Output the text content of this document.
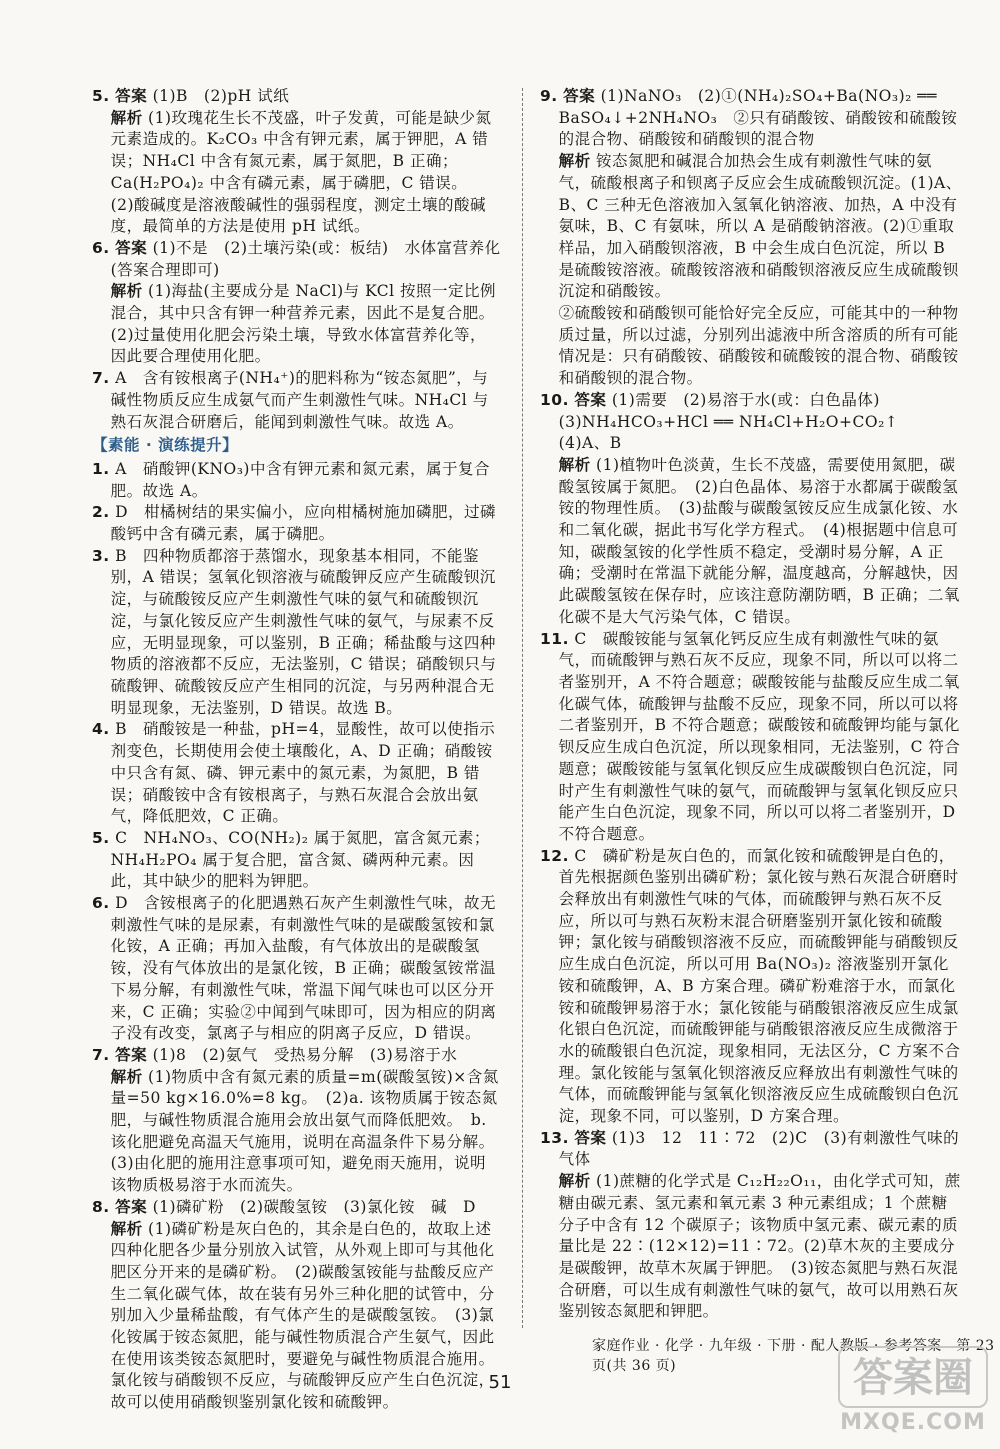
5. 答案 (1)B　(2)pH 试纸
解析 (1)玫瑰花生长不茂盛，叶子发黄，可能是缺少氮元素造成的。K₂CO₃ 中含有钾元素，属于钾肥，A 错误；NH₄Cl 中含有氮元素，属于氮肥，B 正确；Ca(H₂PO₄)₂ 中含有磷元素，属于磷肥，C 错误。
(2)酸碱度是溶液酸碱性的强弱程度，测定土壤的酸碱度，最简单的方法是使用 pH 试纸。
6. 答案 (1)不是　(2)土壤污染(或：板结)　水体富营养化(答案合理即可)
解析 (1)海盐(主要成分是 NaCl)与 KCl 按照一定比例混合，其中只含有钾一种营养元素，因此不是复合肥。　(2)过量使用化肥会污染土壤，导致水体富营养化等，因此要合理使用化肥。
7. A　含有铵根离子(NH₄⁺)的肥料称为“铵态氮肥”，与碱性物质反应生成氨气而产生刺激性气味。NH₄Cl 与熟石灰混合研磨后，能闻到刺激性气味。故选 A。
【素能 · 演练提升】
1. A　硝酸钾(KNO₃)中含有钾元素和氮元素，属于复合肥。故选 A。
2. D　柑橘树结的果实偏小，应向柑橘树施加磷肥，过磷酸钙中含有磷元素，属于磷肥。
3. B　四种物质都溶于蒸馏水，现象基本相同，不能鉴别，A 错误；氢氧化钡溶液与硫酸钾反应产生硫酸钡沉淀，与硫酸铵反应产生刺激性气味的氨气和硫酸钡沉淀，与氯化铵反应产生刺激性气味的氨气，与尿素不反应，无明显现象，可以鉴别，B 正确；稀盐酸与这四种物质的溶液都不反应，无法鉴别，C 错误；硝酸钡只与硫酸钾、硫酸铵反应产生相同的沉淀，与另两种混合无明显现象，无法鉴别，D 错误。故选 B。
4. B　硝酸铵是一种盐，pH=4，显酸性，故可以使指示剂变色，长期使用会使土壤酸化，A、D 正确；硝酸铵中只含有氮、磷、钾元素中的氮元素，为氮肥，B 错误；硝酸铵中含有铵根离子，与熟石灰混合会放出氨气，降低肥效，C 正确。
5. C　NH₄NO₃、CO(NH₂)₂ 属于氮肥，富含氮元素；NH₄H₂PO₄ 属于复合肥，富含氮、磷两种元素。因此，其中缺少的肥料为钾肥。
6. D　含铵根离子的化肥遇熟石灰产生刺激性气味，故无刺激性气味的是尿素，有刺激性气味的是碳酸氢铵和氯化铵，A 正确；再加入盐酸，有气体放出的是碳酸氢铵，没有气体放出的是氯化铵，B 正确；碳酸氢铵常温下易分解，有刺激性气味，常温下闻气味也可以区分开来，C 正确；实验②中闻到气味即可，因为相应的阴离子没有改变，氯离子与相应的阴离子反应，D 错误。
7. 答案 (1)8　(2)氨气　受热易分解　(3)易溶于水
解析 (1)物质中含有氮元素的质量=m(碳酸氢铵)×含氮量=50 kg×16.0%=8 kg。　(2)a. 该物质属于铵态氮肥，与碱性物质混合施用会放出氨气而降低肥效。　b. 该化肥避免高温天气施用，说明在高温条件下易分解。　(3)由化肥的施用注意事项可知，避免雨天施用，说明该物质极易溶于水而流失。
8. 答案 (1)磷矿粉　(2)碳酸氢铵　(3)氯化铵　碱　D
解析 (1)磷矿粉是灰白色的，其余是白色的，故取上述四种化肥各少量分别放入试管，从外观上即可与其他化肥区分开来的是磷矿粉。　(2)碳酸氢铵能与盐酸反应产生二氧化碳气体，故在装有另外三种化肥的试管中，分别加入少量稀盐酸，有气体产生的是碳酸氢铵。　(3)氯化铵属于铵态氮肥，能与碱性物质混合产生氨气，因此在使用该类铵态氮肥时，要避免与碱性物质混合施用。氯化铵与硝酸钡不反应，与硫酸钾反应产生白色沉淀，故可以使用硝酸钡鉴别氯化铵和硫酸钾。
9. 答案 (1)NaNO₃　(2)①(NH₄)₂SO₄+Ba(NO₃)₂ ══ BaSO₄↓+2NH₄NO₃　②只有硝酸铵、硝酸铵和硫酸铵的混合物、硝酸铵和硝酸钡的混合物
解析 铵态氮肥和碱混合加热会生成有刺激性气味的氨气，硫酸根离子和钡离子反应会生成硫酸钡沉淀。(1)A、B、C 三种无色溶液加入氢氧化钠溶液、加热，A 中没有氨味，B、C 有氨味，所以 A 是硝酸钠溶液。(2)①重取样品，加入硝酸钡溶液，B 中会生成白色沉淀，所以 B 是硫酸铵溶液。硫酸铵溶液和硝酸钡溶液反应生成硫酸钡沉淀和硝酸铵。
②硫酸铵和硝酸钡可能恰好完全反应，可能其中的一种物质过量，所以过滤，分别列出滤液中所含溶质的所有可能情况是：只有硝酸铵、硝酸铵和硫酸铵的混合物、硝酸铵和硝酸钡的混合物。
10. 答案 (1)需要　(2)易溶于水(或：白色晶体)　(3)NH₄HCO₃+HCl ══ NH₄Cl+H₂O+CO₂↑　(4)A、B
解析 (1)植物叶色淡黄，生长不茂盛，需要使用氮肥，碳酸氢铵属于氮肥。　(2)白色晶体、易溶于水都属于碳酸氢铵的物理性质。　(3)盐酸与碳酸氢铵反应生成氯化铵、水和二氧化碳，据此书写化学方程式。　(4)根据题中信息可知，碳酸氢铵的化学性质不稳定，受潮时易分解，A 正确；受潮时在常温下就能分解，温度越高，分解越快，因此碳酸氢铵在保存时，应该注意防潮防晒，B 正确；二氧化碳不是大气污染气体，C 错误。
11. C　碳酸铵能与氢氧化钙反应生成有刺激性气味的氨气，而硫酸钾与熟石灰不反应，现象不同，所以可以将二者鉴别开，A 不符合题意；碳酸铵能与盐酸反应生成二氧化碳气体，硫酸钾与盐酸不反应，现象不同，所以可以将二者鉴别开，B 不符合题意；碳酸铵和硫酸钾均能与氯化钡反应生成白色沉淀，所以现象相同，无法鉴别，C 符合题意；碳酸铵能与氢氧化钡反应生成碳酸钡白色沉淀，同时产生有刺激性气味的氨气，而硫酸钾与氢氧化钡反应只能产生白色沉淀，现象不同，所以可以将二者鉴别开，D 不符合题意。
12. C　磷矿粉是灰白色的，而氯化铵和硫酸钾是白色的，首先根据颜色鉴别出磷矿粉；氯化铵与熟石灰混合研磨时会释放出有刺激性气味的气体，而硫酸钾与熟石灰不反应，所以可与熟石灰粉末混合研磨鉴别开氯化铵和硫酸钾；氯化铵与硝酸钡溶液不反应，而硫酸钾能与硝酸钡反应生成白色沉淀，所以可用 Ba(NO₃)₂ 溶液鉴别开氯化铵和硫酸钾，A、B 方案合理。磷矿粉难溶于水，而氯化铵和硫酸钾易溶于水；氯化铵能与硝酸银溶液反应生成氯化银白色沉淀，而硫酸钾能与硝酸银溶液反应生成微溶于水的硫酸银白色沉淀，现象相同，无法区分，C 方案不合理。氯化铵能与氢氧化钡溶液反应释放出有刺激性气味的气体，而硫酸钾能与氢氧化钡溶液反应生成硫酸钡白色沉淀，现象不同，可以鉴别，D 方案合理。
13. 答案 (1)3　12　11∶72　(2)C　(3)有刺激性气味的气体
解析 (1)蔗糖的化学式是 C₁₂H₂₂O₁₁，由化学式可知，蔗糖由碳元素、氢元素和氧元素 3 种元素组成；1 个蔗糖分子中含有 12 个碳原子；该物质中氢元素、碳元素的质量比是 22∶(12×12)=11∶72。(2)草木灰的主要成分是碳酸钾，故草木灰属于钾肥。　(3)铵态氮肥与熟石灰混合研磨，可以生成有刺激性气味的氨气，故可以用熟石灰鉴别铵态氮肥和钾肥。
家庭作业 · 化学 · 九年级 · 下册 · 配人教版 · 参考答案　第 23 页(共 36 页)
51	答案圈
MXQE.COM
